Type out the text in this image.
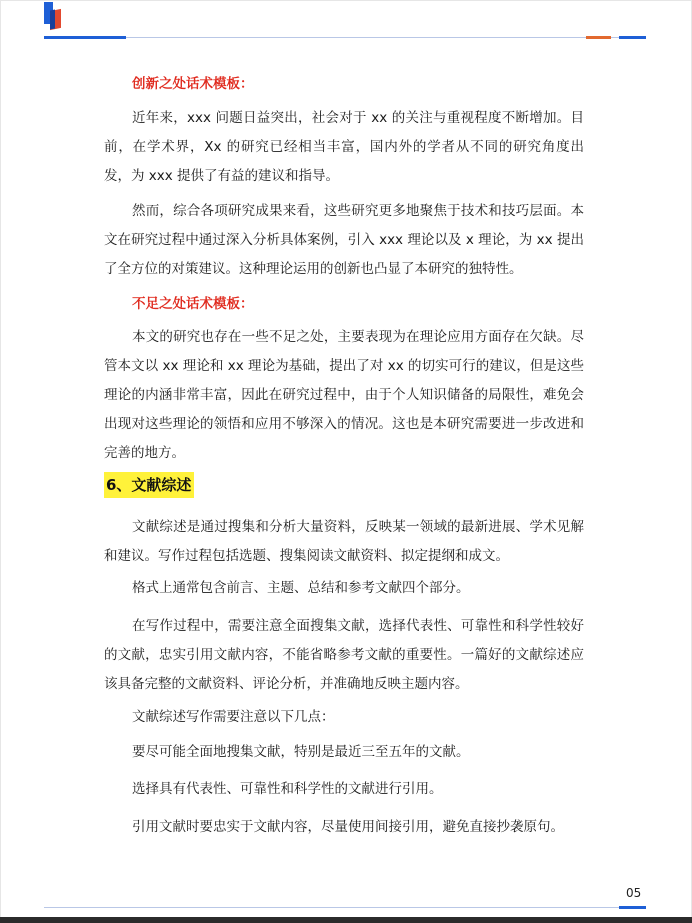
创新之处话术模板：

近年来，xxx 问题日益突出，社会对于 xx 的关注与重视程度不断增加。目前，在学术界，Xx 的研究已经相当丰富，国内外的学者从不同的研究角度出发，为 xxx 提供了有益的建议和指导。

然而，综合各项研究成果来看，这些研究更多地聚焦于技术和技巧层面。本文在研究过程中通过深入分析具体案例，引入 xxx 理论以及 x 理论，为 xx 提出了全方位的对策建议。这种理论运用的创新也凸显了本研究的独特性。

不足之处话术模板：

本文的研究也存在一些不足之处，主要表现为在理论应用方面存在欠缺。尽管本文以 xx 理论和 xx 理论为基础，提出了对 xx 的切实可行的建议，但是这些理论的内涵非常丰富，因此在研究过程中，由于个人知识储备的局限性，难免会出现对这些理论的领悟和应用不够深入的情况。这也是本研究需要进一步改进和完善的地方。

6、文献综述

文献综述是通过搜集和分析大量资料，反映某一领域的最新进展、学术见解和建议。写作过程包括选题、搜集阅读文献资料、拟定提纲和成文。

格式上通常包含前言、主题、总结和参考文献四个部分。

在写作过程中，需要注意全面搜集文献，选择代表性、可靠性和科学性较好的文献，忠实引用文献内容，不能省略参考文献的重要性。一篇好的文献综述应该具备完整的文献资料、评论分析，并准确地反映主题内容。

文献综述写作需要注意以下几点：

要尽可能全面地搜集文献，特别是最近三至五年的文献。

选择具有代表性、可靠性和科学性的文献进行引用。

引用文献时要忠实于文献内容，尽量使用间接引用，避免直接抄袭原句。

05
